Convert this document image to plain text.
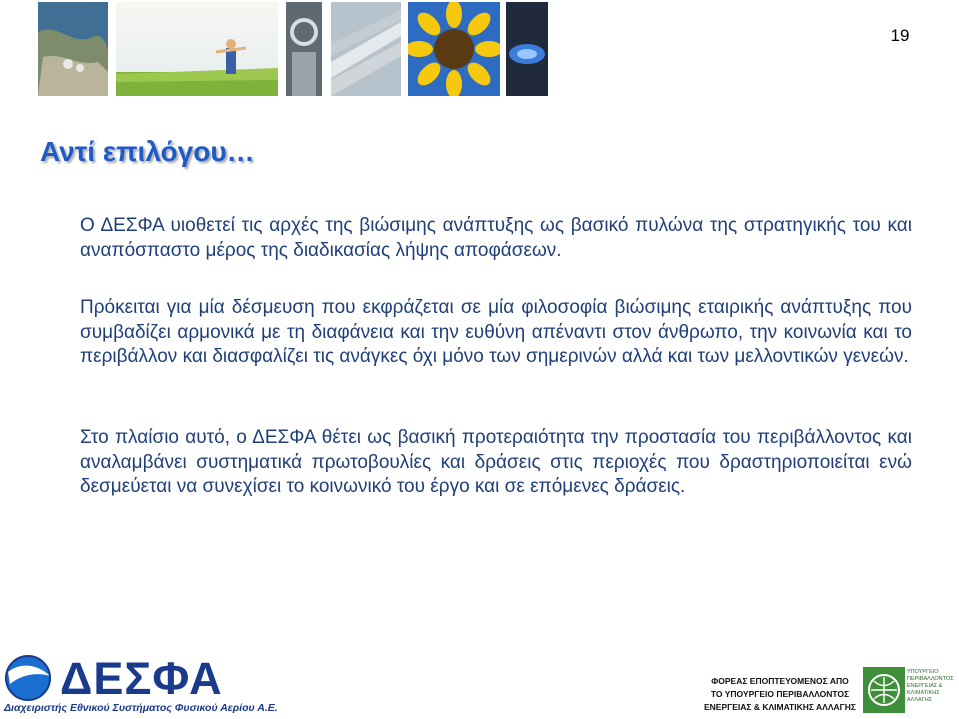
19
Αντί επιλόγου…

Ο ΔΕΣΦΑ υιοθετεί τις αρχές της βιώσιμης ανάπτυξης ως βασικό πυλώνα της στρατηγικής του και αναπόσπαστο μέρος της διαδικασίας λήψης αποφάσεων.

Πρόκειται για μία δέσμευση που εκφράζεται σε μία φιλοσοφία βιώσιμης εταιρικής ανάπτυξης που συμβαδίζει αρμονικά με τη διαφάνεια και την ευθύνη απέναντι στον άνθρωπο, την κοινωνία και το περιβάλλον και διασφαλίζει τις ανάγκες όχι μόνο των σημερινών αλλά και των μελλοντικών γενεών.

Στο πλαίσιο αυτό, ο ΔΕΣΦΑ θέτει ως βασική προτεραιότητα την προστασία του περιβάλλοντος και αναλαμβάνει συστηματικά πρωτοβουλίες και δράσεις στις περιοχές που δραστηριοποιείται ενώ δεσμεύεται να συνεχίσει το κοινωνικό του έργο και σε επόμενες δράσεις.

ΔΕΣΦΑ
Διαχειριστής Εθνικού Συστήματος Φυσικού Αερίου Α.Ε.
ΦΟΡΕΑΣ ΕΠΟΠΤΕΥΟΜΕΝΟΣ ΑΠΟ
ΤΟ ΥΠΟΥΡΓΕΙΟ ΠΕΡΙΒΑΛΛΟΝΤΟΣ
ΕΝΕΡΓΕΙΑΣ & ΚΛΙΜΑΤΙΚΗΣ ΑΛΛΑΓΗΣ
ΥΠΟΥΡΓΕΙΟ
ΠΕΡΙΒΑΛΛΟΝΤΟΣ
ΕΝΕΡΓΕΙΑΣ &
ΚΛΙΜΑΤΙΚΗΣ
ΑΛΛΑΓΗΣ
